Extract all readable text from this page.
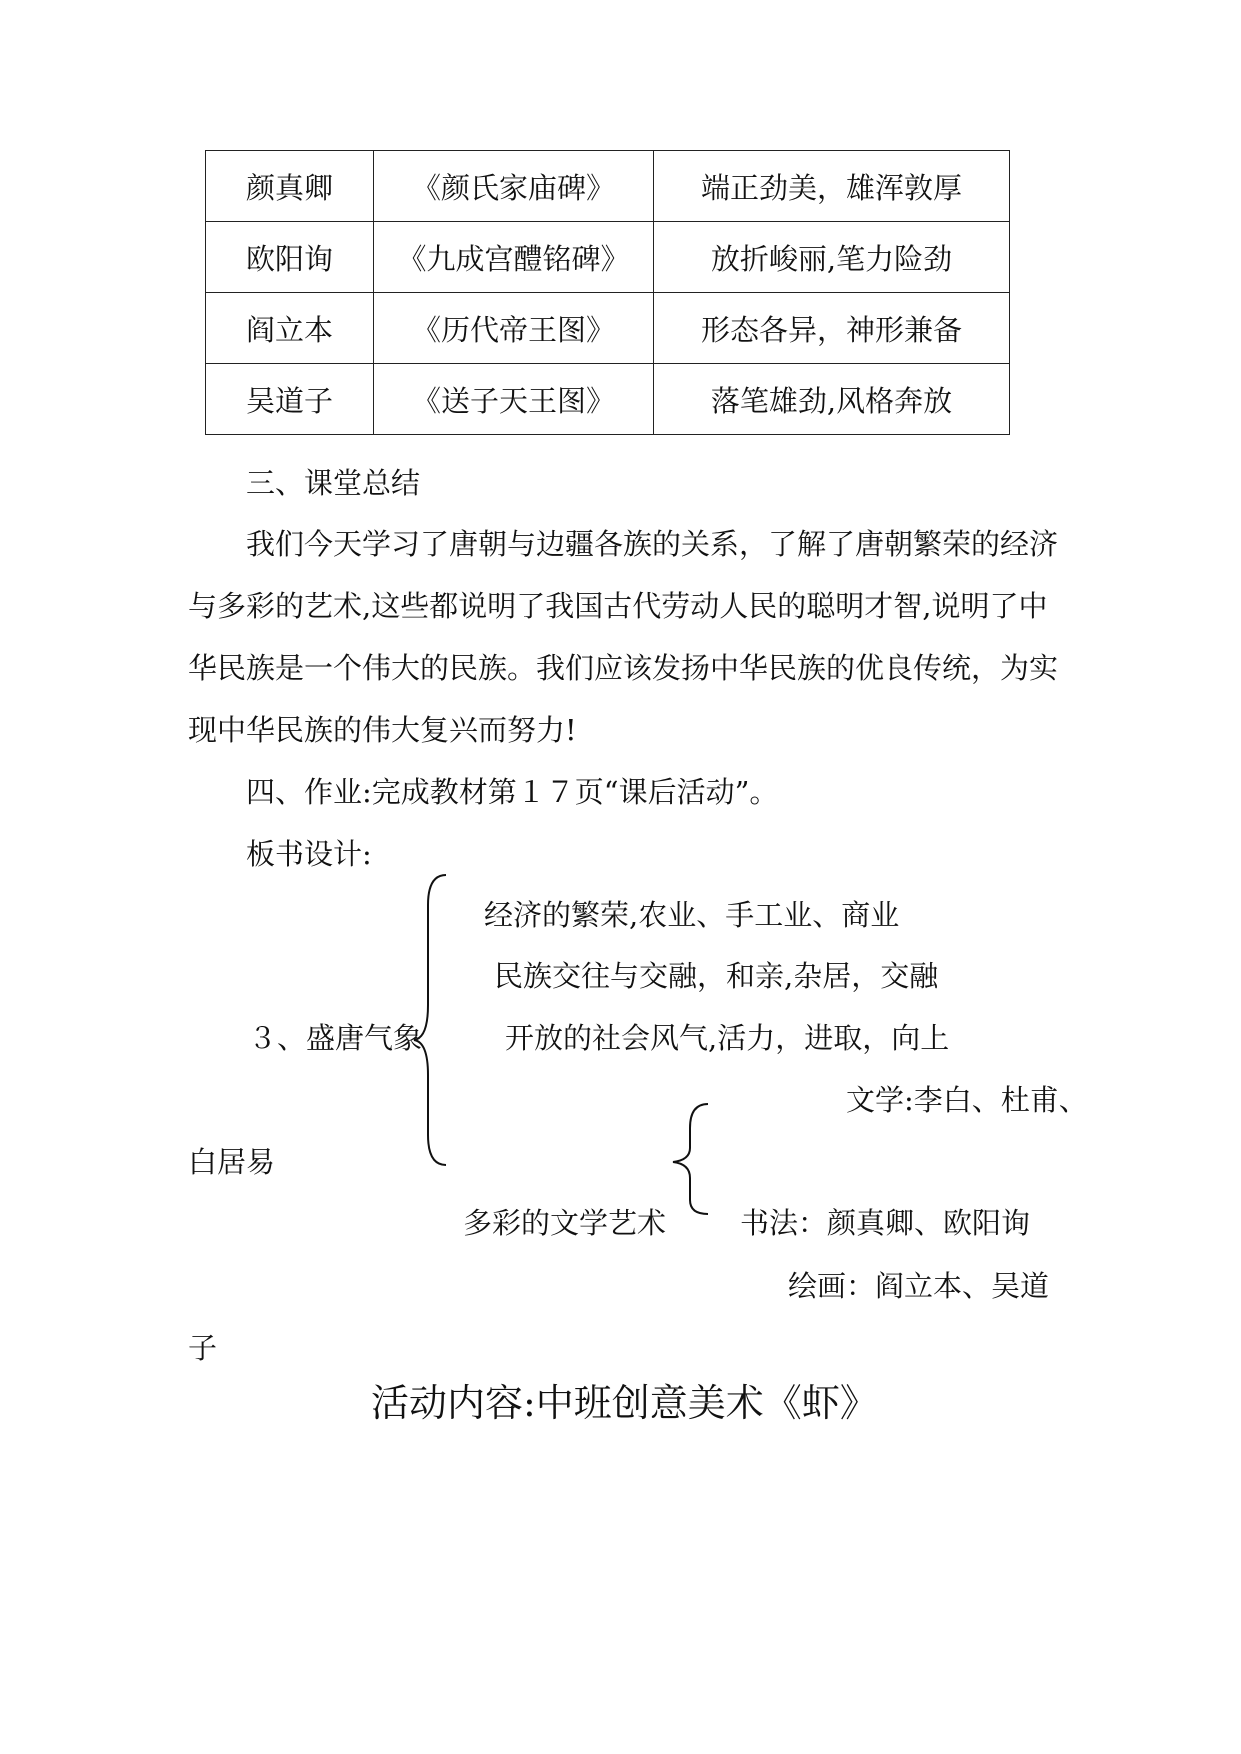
颜真卿	《颜氏家庙碑》	端正劲美，雄浑敦厚
欧阳询	《九成宫醴铭碑》	放折峻丽,笔力险劲
阎立本	《历代帝王图》	形态各异，神形兼备
吴道子	《送子天王图》	落笔雄劲,风格奔放
三、课堂总结
我们今天学习了唐朝与边疆各族的关系，了解了唐朝繁荣的经济
与多彩的艺术,这些都说明了我国古代劳动人民的聪明才智,说明了中
华民族是一个伟大的民族。我们应该发扬中华民族的优良传统，为实
现中华民族的伟大复兴而努力!
四、作业:完成教材第１７页“课后活动”。
板书设计:
经济的繁荣,农业、手工业、商业
民族交往与交融，和亲,杂居，交融
３、盛唐气象	开放的社会风气,活力，进取，向上
文学:李白、杜甫、
白居易
多彩的文学艺术	书法：颜真卿、欧阳询
绘画：阎立本、吴道
子
活动内容:中班创意美术《虾》
